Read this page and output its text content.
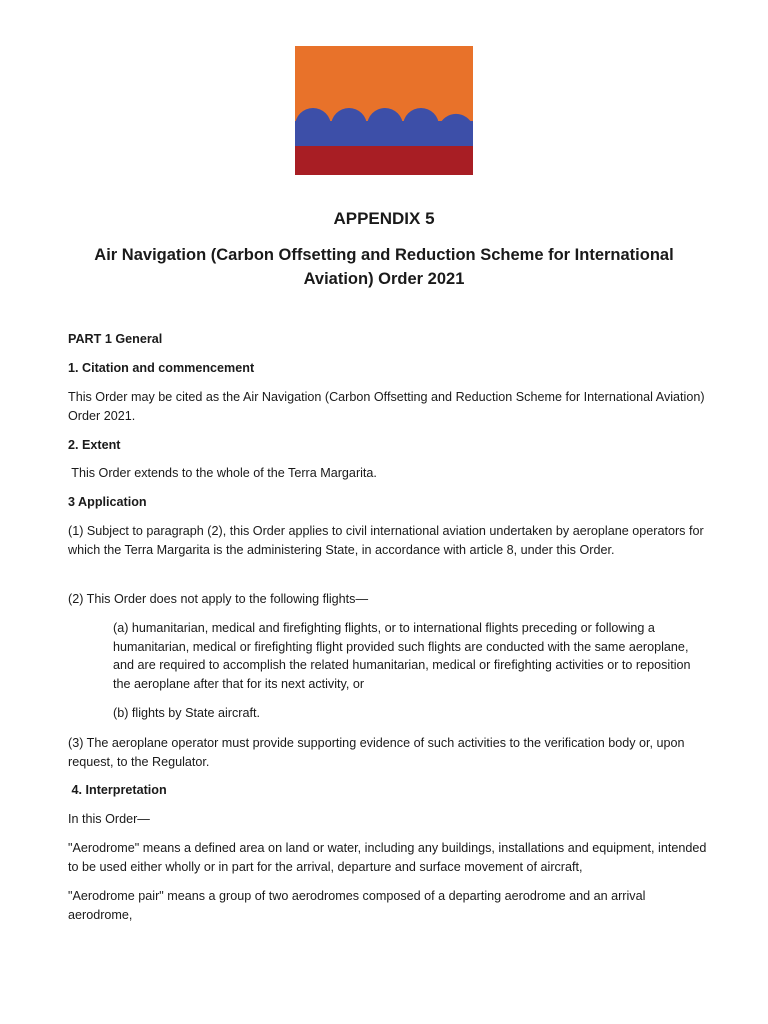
APPENDIX 5
Air Navigation (Carbon Offsetting and Reduction Scheme for International Aviation) Order 2021

PART 1 General

1. Citation and commencement

This Order may be cited as the Air Navigation (Carbon Offsetting and Reduction Scheme for International Aviation) Order 2021.

2. Extent

This Order extends to the whole of the Terra Margarita.

3 Application

(1) Subject to paragraph (2), this Order applies to civil international aviation undertaken by aeroplane operators for which the Terra Margarita is the administering State, in accordance with article 8, under this Order.

(2) This Order does not apply to the following flights—

(a) humanitarian, medical and firefighting flights, or to international flights preceding or following a humanitarian, medical or firefighting flight provided such flights are conducted with the same aeroplane, and are required to accomplish the related humanitarian, medical or firefighting activities or to reposition the aeroplane after that for its next activity, or

(b) flights by State aircraft.

(3) The aeroplane operator must provide supporting evidence of such activities to the verification body or, upon request, to the Regulator.

4. Interpretation

In this Order—

"Aerodrome" means a defined area on land or water, including any buildings, installations and equipment, intended to be used either wholly or in part for the arrival, departure and surface movement of aircraft,

"Aerodrome pair" means a group of two aerodromes composed of a departing aerodrome and an arrival aerodrome,
